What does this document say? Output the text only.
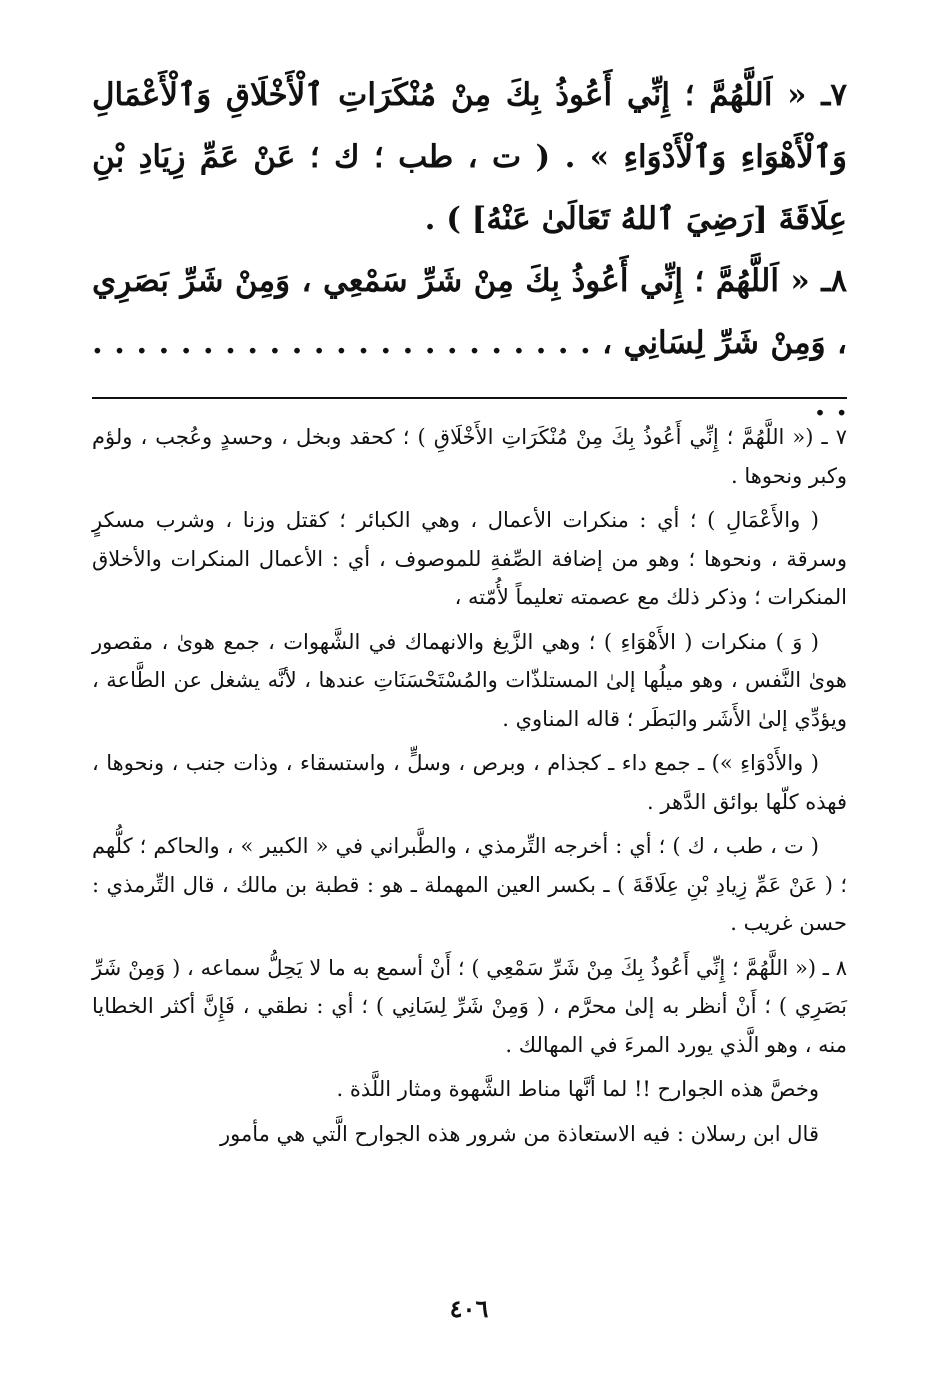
٧ـ « اَللَّهُمَّ ؛ إِنِّي أَعُوذُ بِكَ مِنْ مُنْكَرَاتِ ٱلْأَخْلَاقِ وَٱلْأَعْمَالِ وَٱلْأَهْوَاءِ وَٱلْأَدْوَاءِ » . ( ت ، طب ؛ ك ؛ عَنْ عَمِّ زِيَادِ بْنِ عِلَاقَةَ [رَضِيَ ٱللهُ تَعَالَىٰ عَنْهُ] ) .

٨ـ « اَللَّهُمَّ ؛ إِنِّي أَعُوذُ بِكَ مِنْ شَرِّ سَمْعِي ، وَمِنْ شَرِّ بَصَرِي ، وَمِنْ شَرِّ لِسَانِي ، . . . . . . . . . . . . . . . . . . . . . . . . .

٧ ـ (« اللَّهُمَّ ؛ إِنِّي أَعُوذُ بِكَ مِنْ مُنْكَرَاتِ الأَخْلَاقِ ) ؛ كحقد وبخل ، وحسدٍ وعُجب ، ولؤم وكبر ونحوها .

( والأَعْمَالِ ) ؛ أي : منكرات الأعمال ، وهي الكبائر ؛ كقتل وزنا ، وشرب مسكرٍ وسرقة ، ونحوها ؛ وهو من إضافة الصِّفةِ للموصوف ، أي : الأعمال المنكرات والأخلاق المنكرات ؛ وذكر ذلك مع عصمته تعليماً لأُمّته ،

( وَ ) منكرات ( الأَهْوَاءِ ) ؛ وهي الزَّيغ والانهماك في الشَّهوات ، جمع هوىٰ ، مقصور هوىٰ النَّفس ، وهو ميلُها إلىٰ المستلذّات والمُسْتَحْسَنَاتِ عندها ، لأنَّه يشغل عن الطَّاعة ، ويؤدِّي إلىٰ الأَشَر والبَطَر ؛ قاله المناوي .

( والأَدْوَاءِ ») ـ جمع داء ـ كجذام ، وبرص ، وسلٍّ ، واستسقاء ، وذات جنب ، ونحوها ، فهذه كلّها بوائق الدَّهر .

( ت ، طب ، ك ) ؛ أي : أخرجه التِّرمذي ، والطَّبراني في « الكبير » ، والحاكم ؛ كلُّهم ؛ ( عَنْ عَمِّ زِيادِ بْنِ عِلَاقَةَ ) ـ بكسر العين المهملة ـ هو : قطبة بن مالك ، قال التِّرمذي : حسن غريب .

٨ ـ (« اللَّهُمَّ ؛ إِنِّي أَعُوذُ بِكَ مِنْ شَرِّ سَمْعِي ) ؛ أَنْ أسمع به ما لا يَحِلُّ سماعه ، ( وَمِنْ شَرِّ بَصَرِي ) ؛ أَنْ أنظر به إلىٰ محرَّم ، ( وَمِنْ شَرِّ لِسَانِي ) ؛ أي : نطقي ، فَإِنَّ أكثر الخطايا منه ، وهو الَّذي يورد المرءَ في المهالك .

وخصَّ هذه الجوارح !! لما أنَّها مناط الشَّهوة ومثار اللَّذة .

قال ابن رسلان : فيه الاستعاذة من شرور هذه الجوارح الَّتي هي مأمور

٤٠٦
